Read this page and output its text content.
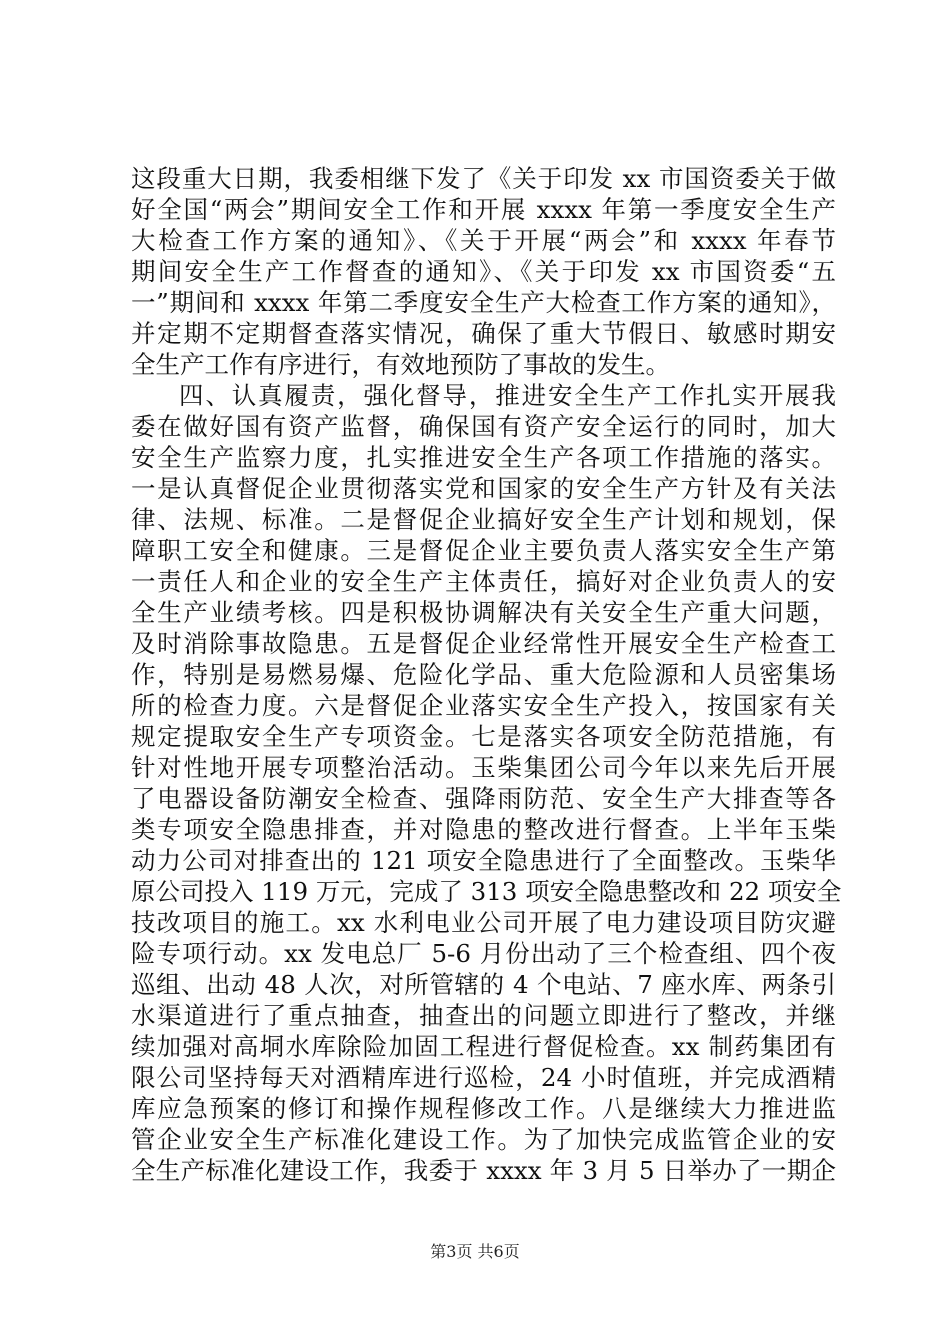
这段重大日期，我委相继下发了《关于印发 xx 市国资委关于做
好全国“两会”期间安全工作和开展 xxxx 年第一季度安全生产
大检查工作方案的通知》、《关于开展“两会”和 xxxx 年春节
期间安全生产工作督查的通知》、《关于印发 xx 市国资委“五
一”期间和 xxxx 年第二季度安全生产大检查工作方案的通知》，
并定期不定期督查落实情况，确保了重大节假日、敏感时期安
全生产工作有序进行，有效地预防了事故的发生。
四、认真履责，强化督导，推进安全生产工作扎实开展我
委在做好国有资产监督，确保国有资产安全运行的同时，加大
安全生产监察力度，扎实推进安全生产各项工作措施的落实。
一是认真督促企业贯彻落实党和国家的安全生产方针及有关法
律、法规、标准。二是督促企业搞好安全生产计划和规划，保
障职工安全和健康。三是督促企业主要负责人落实安全生产第
一责任人和企业的安全生产主体责任，搞好对企业负责人的安
全生产业绩考核。四是积极协调解决有关安全生产重大问题，
及时消除事故隐患。五是督促企业经常性开展安全生产检查工
作，特别是易燃易爆、危险化学品、重大危险源和人员密集场
所的检查力度。六是督促企业落实安全生产投入，按国家有关
规定提取安全生产专项资金。七是落实各项安全防范措施，有
针对性地开展专项整治活动。玉柴集团公司今年以来先后开展
了电器设备防潮安全检查、强降雨防范、安全生产大排查等各
类专项安全隐患排查，并对隐患的整改进行督查。上半年玉柴
动力公司对排查出的 121 项安全隐患进行了全面整改。玉柴华
原公司投入 119 万元，完成了 313 项安全隐患整改和 22 项安全
技改项目的施工。xx 水利电业公司开展了电力建设项目防灾避
险专项行动。xx 发电总厂 5-6 月份出动了三个检查组、四个夜
巡组、出动 48 人次，对所管辖的 4 个电站、7 座水库、两条引
水渠道进行了重点抽查，抽查出的问题立即进行了整改，并继
续加强对高垌水库除险加固工程进行督促检查。xx 制药集团有
限公司坚持每天对酒精库进行巡检，24 小时值班，并完成酒精
库应急预案的修订和操作规程修改工作。八是继续大力推进监
管企业安全生产标准化建设工作。为了加快完成监管企业的安
全生产标准化建设工作，我委于 xxxx 年 3 月 5 日举办了一期企
第3页 共6页
